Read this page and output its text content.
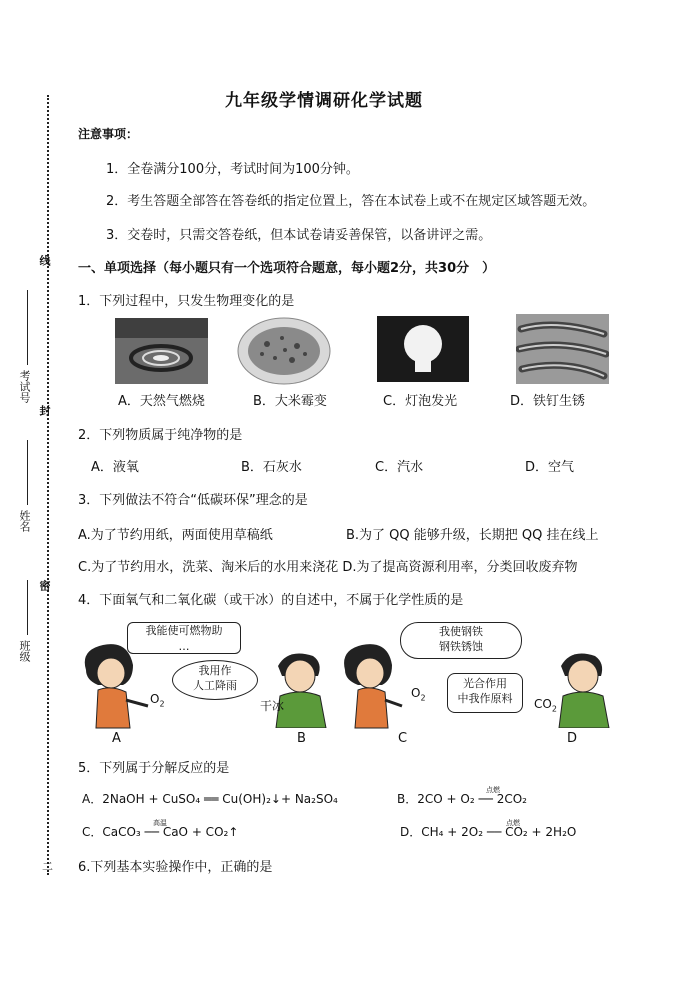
线
封
密
考试号
姓名
班级
二
九年级学情调研化学试题
注意事项：
1．全卷满分100分，考试时间为100分钟。
2．考生答题全部答在答卷纸的指定位置上，答在本试卷上或不在规定区域答题无效。
3．交卷时，只需交答卷纸，但本试卷请妥善保管，以备讲评之需。
一、单项选择（每小题只有一个选项符合题意，每小题2分，共30分　）
1．下列过程中，只发生物理变化的是
A．天然气燃烧	B．大米霉变	C．灯泡发光	D．铁钉生锈
2．下列物质属于纯净物的是
A．液氧	B．石灰水	C．汽水	D．空气
3．下列做法不符合“低碳环保”理念的是
A.为了节约用纸，两面使用草稿纸	B.为了 QQ 能够升级，长期把 QQ 挂在线上
C.为了节约用水，洗菜、淘米后的水用来浇花 D.为了提高资源利用率，分类回收废弃物
4．下面氧气和二氧化碳（或干冰）的自述中，不属于化学性质的是
我能使可燃物助
…
$O_2$
我用作
人工降雨
干冰
我使钢铁
钢铁锈蚀
$O_2$
光合作用
中我作原料	$CO_2$
A	B	C	D
5．下列属于分解反应的是
A．2NaOH + CuSO₄ ══ Cu(OH)₂↓+ Na₂SO₄	B．2CO + O₂ ── 2CO₂
点燃
C．CaCO₃ ── CaO + CO₂↑
高温
D．CH₄ + 2O₂ ── CO₂ + 2H₂O
点燃
6.下列基本实验操作中，正确的是
